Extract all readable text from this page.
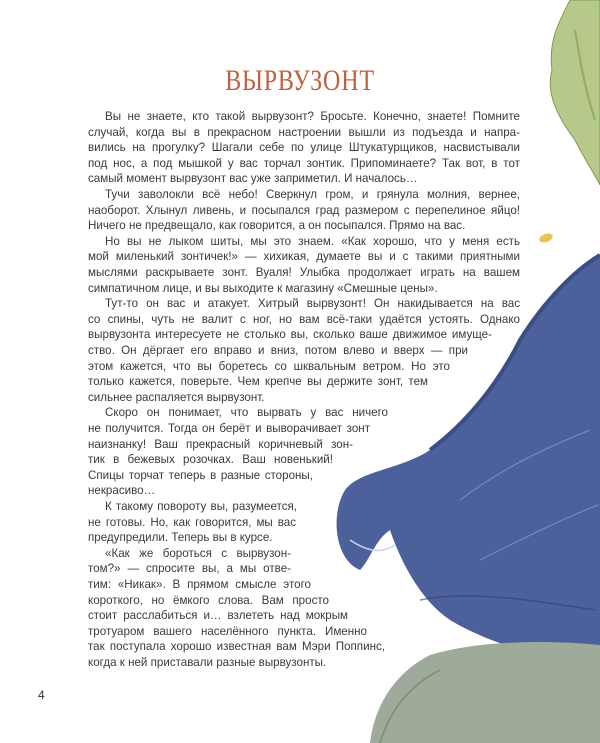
ВЫРВУЗОНТ
Вы не знаете, кто такой вырвузонт? Бросьте. Конечно, знаете! Помните
случай, когда вы в прекрасном настроении вышли из подъезда и напра-
вились на прогулку? Шагали себе по улице Штукатурщиков, насвистывали
под нос, а под мышкой у вас торчал зонтик. Припоминаете? Так вот, в тот
самый момент вырвузонт вас уже заприметил. И началось…
Тучи заволокли всё небо! Сверкнул гром, и грянула молния, вернее,
наоборот. Хлынул ливень, и посыпался град размером с перепелиное яйцо!
Ничего не предвещало, как говорится, а он посыпался. Прямо на вас.
Но вы не лыком шиты, мы это знаем. «Как хорошо, что у меня есть
мой миленький зонтичек!» — хихикая, думаете вы и с такими приятными
мыслями раскрываете зонт. Вуаля! Улыбка продолжает играть на вашем
симпатичном лице, и вы выходите к магазину «Смешные цены».
Тут-то он вас и атакует. Хитрый вырвузонт! Он накидывается на вас
со спины, чуть не валит с ног, но вам всё-таки удаётся устоять. Однако
вырвузонта интересуете не столько вы, сколько ваше движимое имуще-
ство. Он дёргает его вправо и вниз, потом влево и вверх — при
этом кажется, что вы боретесь со шквальным ветром. Но это
только кажется, поверьте. Чем крепче вы держите зонт, тем
сильнее распаляется вырвузонт.
Скоро он понимает, что вырвать у вас ничего
не получится. Тогда он берёт и выворачивает зонт
наизнанку! Ваш прекрасный коричневый зон-
тик в бежевых розочках. Ваш новенький!
Спицы торчат теперь в разные стороны,
некрасиво…
К такому повороту вы, разумеется,
не готовы. Но, как говорится, мы вас
предупредили. Теперь вы в курсе.
«Как же бороться с вырвузон-
том?» — спросите вы, а мы отве-
тим: «Никак». В прямом смысле этого
короткого, но ёмкого слова. Вам просто
стоит расслабиться и… взлететь над мокрым
тротуаром вашего населённого пункта. Именно
так поступала хорошо известная вам Мэри Поппинс,
когда к ней приставали разные вырвузонты.
4
